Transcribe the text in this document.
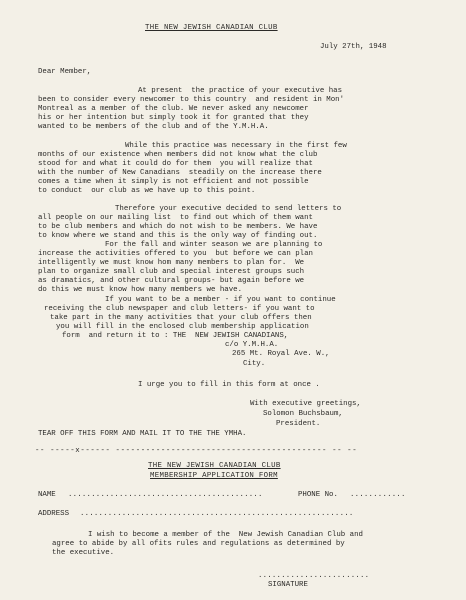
THE NEW JEWISH CANADIAN CLUB
July 27th, 1948
Dear Member,
At present  the practice of your executive has
been to consider every newcomer to this country  and resident in Mon'
Montreal as a member of the club. We never asked any newcomer
his or her intention but simply took it for granted that they
wanted to be members of the club and of the Y.M.H.A.
While this practice was necessary in the first few
months of our existence when members did not know what the club
stood for and what it could do for them  you will realize that
with the number of New Canadians  steadily on the increase there
comes a time when it simply is not efficient and not possible
to conduct  our club as we have up to this point.
Therefore your executive decided to send letters to
all people on our mailing list  to find out which of them want
to be club members and which do not wish to be members. We have
to know where we stand and this is the only way of finding out.
For the fall and winter season we are planning to
increase the activities offered to you  but before we can plan
intelligently we must know hom many members to plan for.  We
plan to organize small club and special interest groups such
as dramatics, and other cultural groups- but again before we
do this we must know how many members we have.
If you want to be a member - if you want to continue
receiving the club newspaper and club letters- if you want to
take part in the many activities that your club offers then
you will fill in the enclosed club membership application
form  and return it to : THE  NEW JEWISH CANADIANS,
c/o Y.M.H.A.
265 Mt. Royal Ave. W.,
City.
I urge you to fill in this form at once .
With executive greetings,
Solomon Buchsbaum,
President.
TEAR OFF THIS FORM AND MAIL IT TO THE THE YMHA.
-- -----x------ ------------------------------------------ -- --
THE NEW JEWISH CANADIAN CLUB
MEMBERSHIP APPLICATION FORM
NAME ..........................................	PHONE No. ............
ADDRESS ...........................................................
I wish to become a member of the  New Jewish Canadian Club and
agree to abide by all ofits rules and regulations as determined by
the executive.
........................
SIGNATURE
